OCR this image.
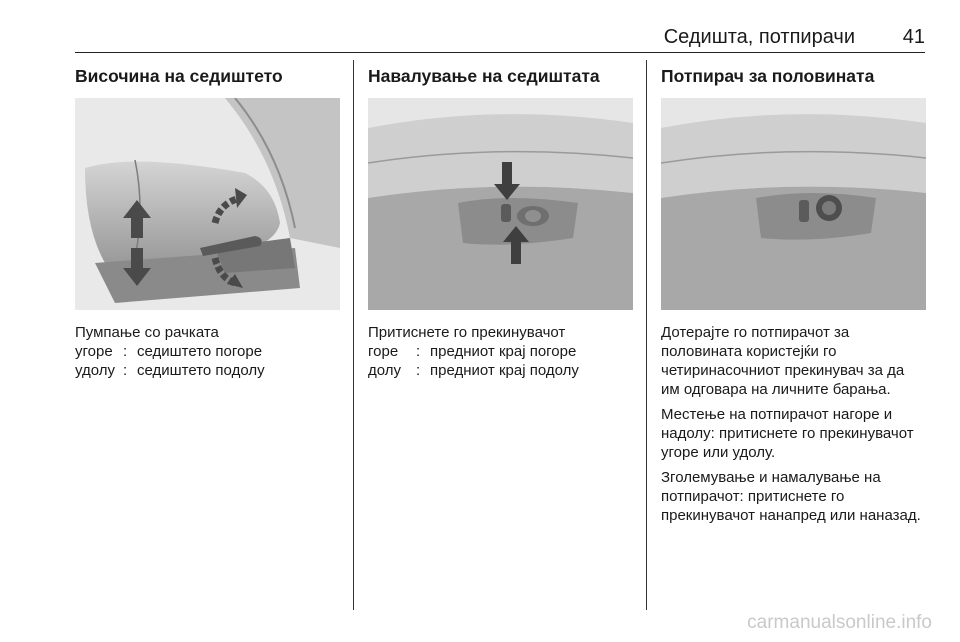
Седишта, потпирачи 41
Височина на седиштето

Пумпање со рачката

угоре : седиштето погоре
удолу : седиштето подолу
Навалување на седиштата

Притиснете го прекинувачот

горе	: предниот крај погоре
долу : предниот крај подолу
Потпирач за половината

Дотерајте го потпирачот за половината користејќи го четиринасочниот прекинувач за да им одговара на личните барања.

Местење на потпирачот нагоре и надолу: притиснете го прекинувачот угоре или удолу.

Зголемување и намалување на потпирачот: притиснете го прекинувачот нанапред или наназад.

carmanualsonline.info
